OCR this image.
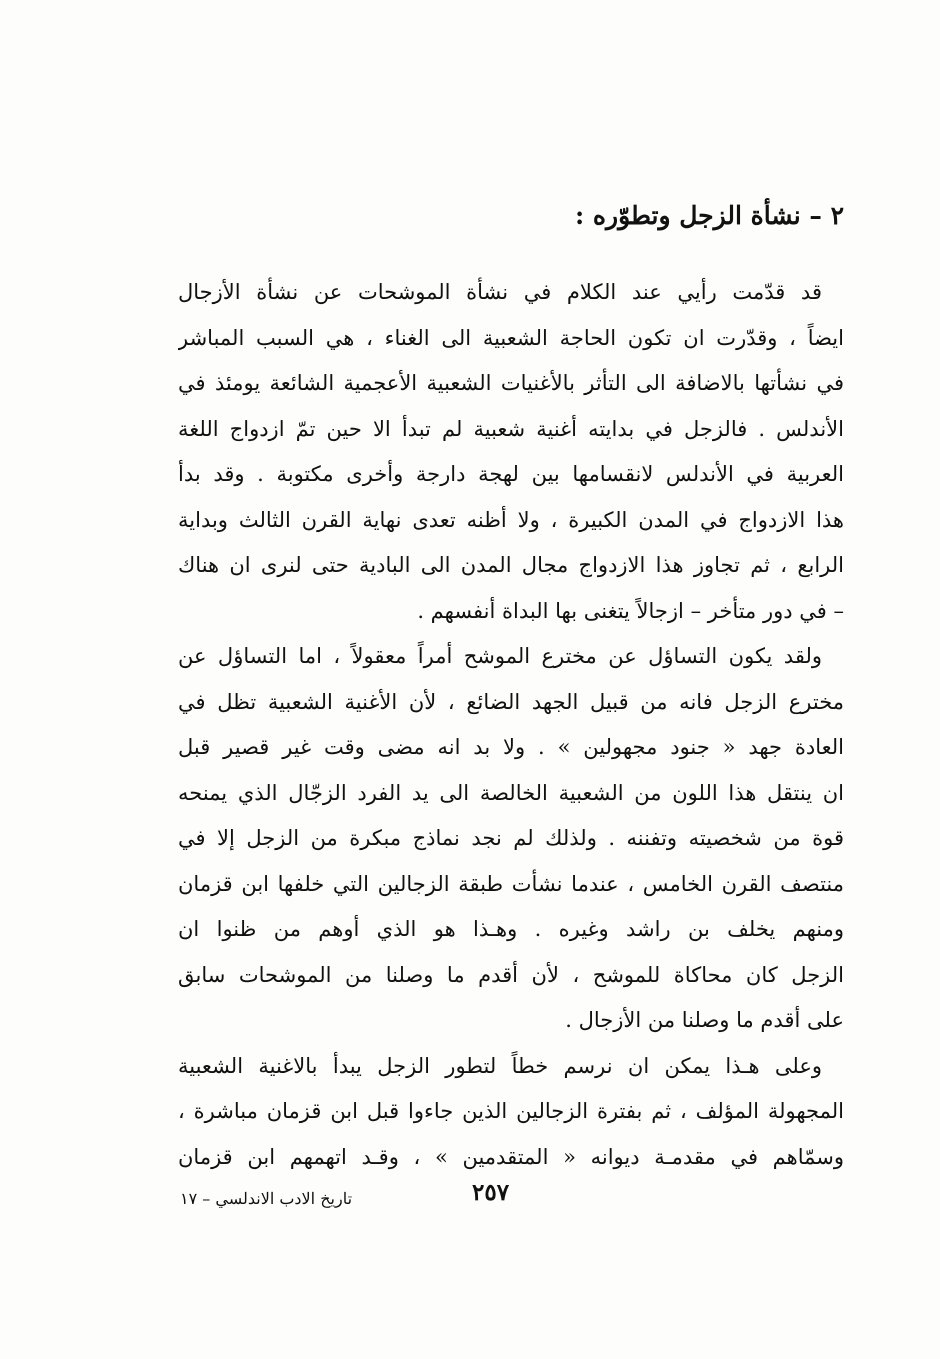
٢ – نشأة الزجل وتطوّره :
قد قدّمت رأيي عند الكلام في نشأة الموشحات عن نشأة الأزجال
ايضاً ، وقدّرت ان تكون الحاجة الشعبية الى الغناء ، هي السبب المباشر
في نشأتها بالاضافة الى التأثر بالأغنيات الشعبية الأعجمية الشائعة يومئذ في
الأندلس . فالزجل في بدايته أغنية شعبية لم تبدأ الا حين تمّ ازدواج اللغة
العربية في الأندلس لانقسامها بين لهجة دارجة وأخرى مكتوبة . وقد بدأ
هذا الازدواج في المدن الكبيرة ، ولا أظنه تعدى نهاية القرن الثالث وبداية
الرابع ، ثم تجاوز هذا الازدواج مجال المدن الى البادية حتى لنرى ان هناك
– في دور متأخر – ازجالاً يتغنى بها البداة أنفسهم .
ولقد يكون التساؤل عن مخترع الموشح أمراً معقولاً ، اما التساؤل عن
مخترع الزجل فانه من قبيل الجهد الضائع ، لأن الأغنية الشعبية تظل في
العادة جهد « جنود مجهولين » . ولا بد انه مضى وقت غير قصير قبل
ان ينتقل هذا اللون من الشعبية الخالصة الى يد الفرد الزجّال الذي يمنحه
قوة من شخصيته وتفننه . ولذلك لم نجد نماذج مبكرة من الزجل إلا في
منتصف القرن الخامس ، عندما نشأت طبقة الزجالين التي خلفها ابن قزمان
ومنهم يخلف بن راشد وغيره . وهـذا هو الذي أوهم من ظنوا ان
الزجل كان محاكاة للموشح ، لأن أقدم ما وصلنا من الموشحات سابق
على أقدم ما وصلنا من الأزجال .
وعلى هـذا يمكن ان نرسم خطاً لتطور الزجل يبدأ بالاغنية الشعبية
المجهولة المؤلف ، ثم بفترة الزجالين الذين جاءوا قبل ابن قزمان مباشرة ،
وسمّاهم في مقدمـة ديوانه « المتقدمين » ، وقـد اتهمهم ابن قزمان
٢٥٧
تاريخ الادب الاندلسي – ١٧
